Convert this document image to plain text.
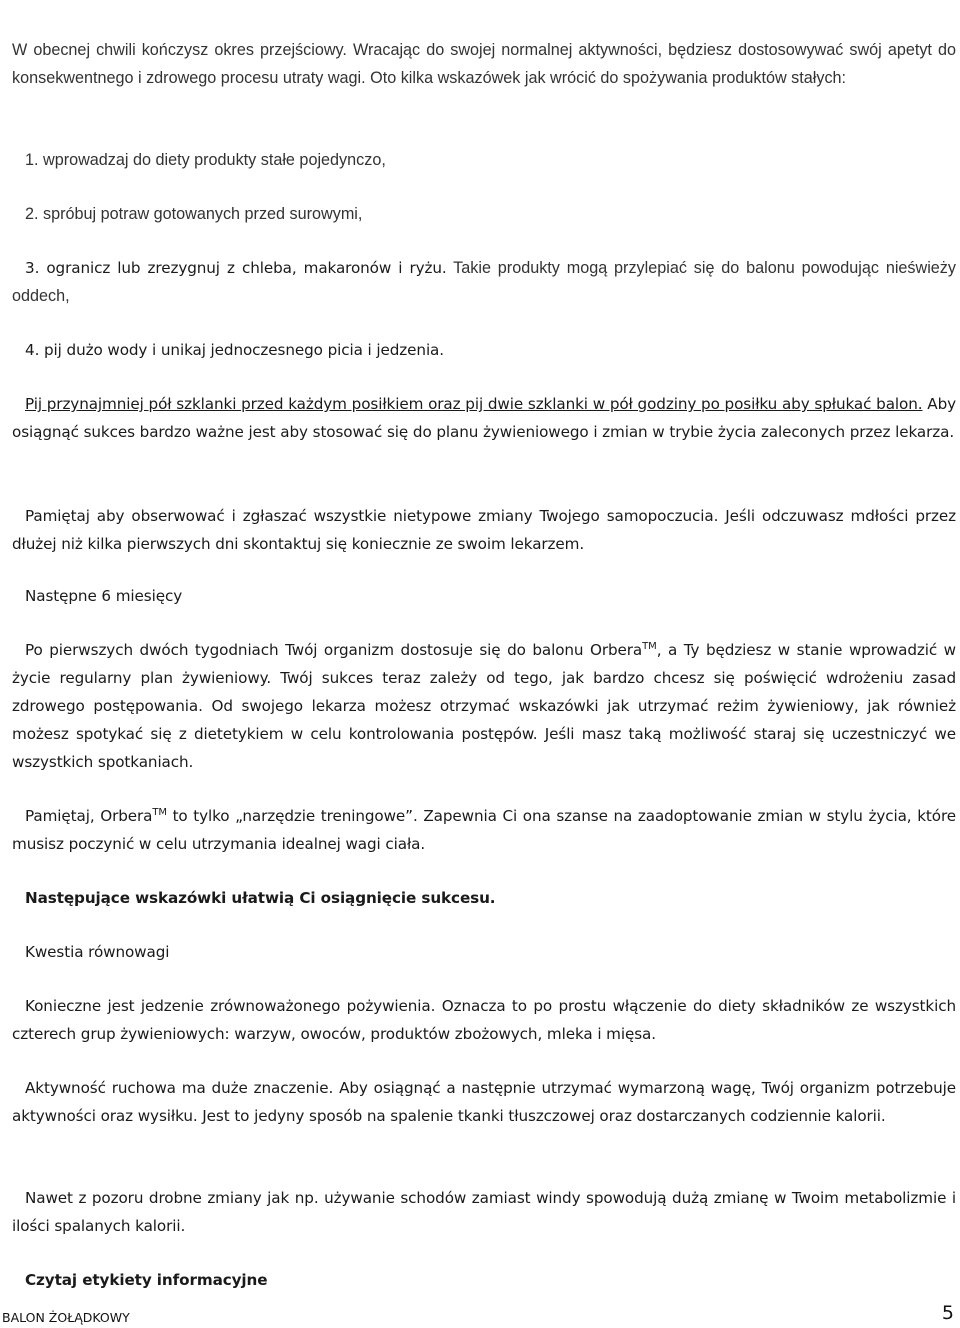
W obecnej chwili kończysz okres przejściowy. Wracając do swojej normalnej aktywności, będziesz dostosowywać swój apetyt do konsekwentnego i zdrowego procesu utraty wagi. Oto kilka wskazówek jak wrócić do spożywania produktów stałych:

1. wprowadzaj do diety produkty stałe pojedynczo,

2. spróbuj potraw gotowanych przed surowymi,

3. ogranicz lub zrezygnuj z chleba, makaronów i ryżu. Takie produkty mogą przylepiać się do balonu powodując nieświeży oddech,

4. pij dużo wody i unikaj jednoczesnego picia i jedzenia.

Pij przynajmniej pół szklanki przed każdym posiłkiem oraz pij dwie szklanki w pół godziny po posiłku aby spłukać balon. Aby osiągnąć sukces bardzo ważne jest aby stosować się do planu żywieniowego i zmian w trybie życia zaleconych przez lekarza.

Pamiętaj aby obserwować i zgłaszać wszystkie nietypowe zmiany Twojego samopoczucia. Jeśli odczuwasz mdłości przez dłużej niż kilka pierwszych dni skontaktuj się koniecznie ze swoim lekarzem.

Następne 6 miesięcy

Po pierwszych dwóch tygodniach Twój organizm dostosuje się do balonu Orbera™, a Ty będziesz w stanie wprowadzić w życie regularny plan żywieniowy. Twój sukces teraz zależy od tego, jak bardzo chcesz się poświęcić wdrożeniu zasad zdrowego postępowania. Od swojego lekarza możesz otrzymać wskazówki jak utrzymać reżim żywieniowy, jak również możesz spotykać się z dietetykiem w celu kontrolowania postępów. Jeśli masz taką możliwość staraj się uczestniczyć we wszystkich spotkaniach.

Pamiętaj, Orbera™ to tylko „narzędzie treningowe”. Zapewnia Ci ona szanse na zaadoptowanie zmian w stylu życia, które musisz poczynić w celu utrzymania idealnej wagi ciała.

Następujące wskazówki ułatwią Ci osiągnięcie sukcesu.

Kwestia równowagi

Konieczne jest jedzenie zrównoważonego pożywienia. Oznacza to po prostu włączenie do diety składników ze wszystkich czterech grup żywieniowych: warzyw, owoców, produktów zbożowych, mleka i mięsa.

Aktywność ruchowa ma duże znaczenie. Aby osiągnąć a następnie utrzymać wymarzoną wagę, Twój organizm potrzebuje aktywności oraz wysiłku. Jest to jedyny sposób na spalenie tkanki tłuszczowej oraz dostarczanych codziennie kalorii.

Nawet z pozoru drobne zmiany jak np. używanie schodów zamiast windy spowodują dużą zmianę w Twoim metabolizmie i ilości spalanych kalorii.

Czytaj etykiety informacyjne

BALON ŻOŁĄDKOWY	5
